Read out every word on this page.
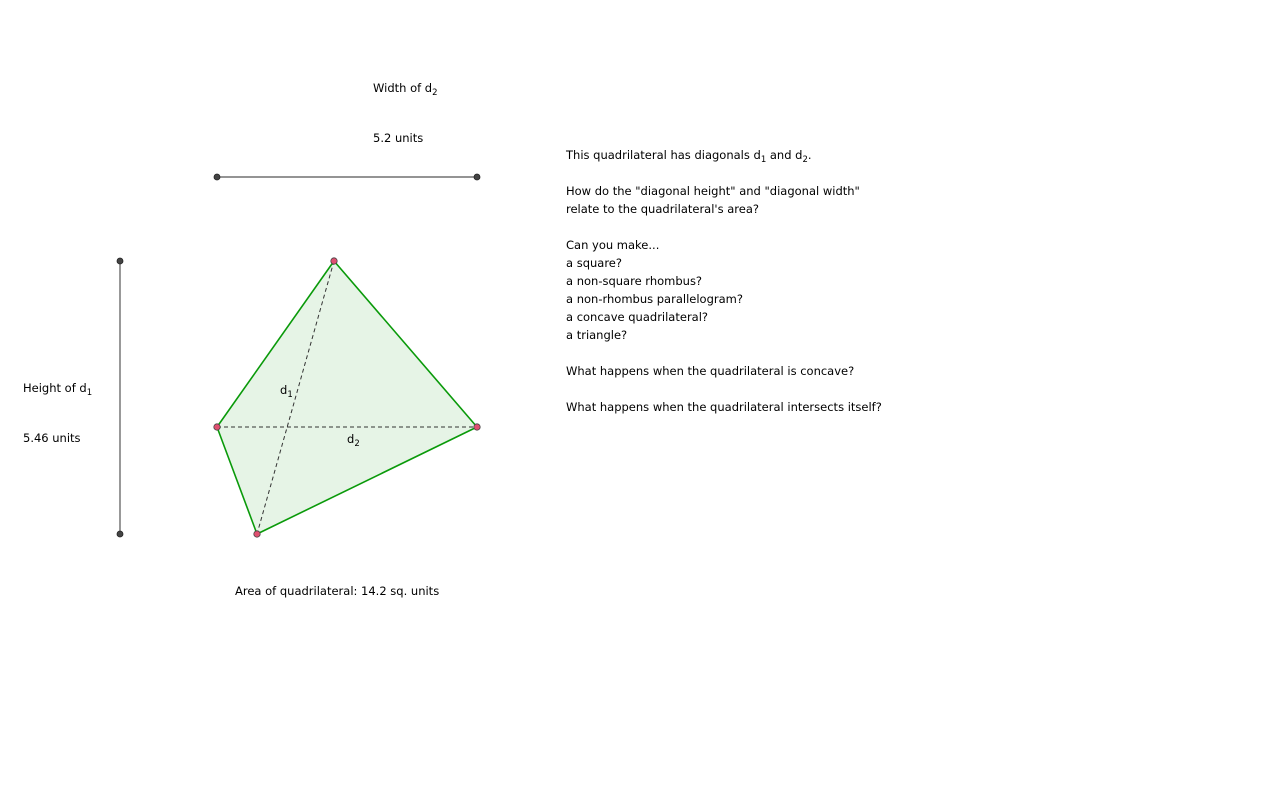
Width of $d_2$
5.2 units
Height of $d_1$
5.46 units
$d_1$
$d_2$
Area of quadrilateral: 14.2 sq. units
This quadrilateral has diagonals $d_1$ and $d_2$.
How do the "diagonal height" and "diagonal width"
relate to the quadrilateral's area?
Can you make...
a square?
a non-square rhombus?
a non-rhombus parallelogram?
a concave quadrilateral?
a triangle?
What happens when the quadrilateral is concave?
What happens when the quadrilateral intersects itself?
